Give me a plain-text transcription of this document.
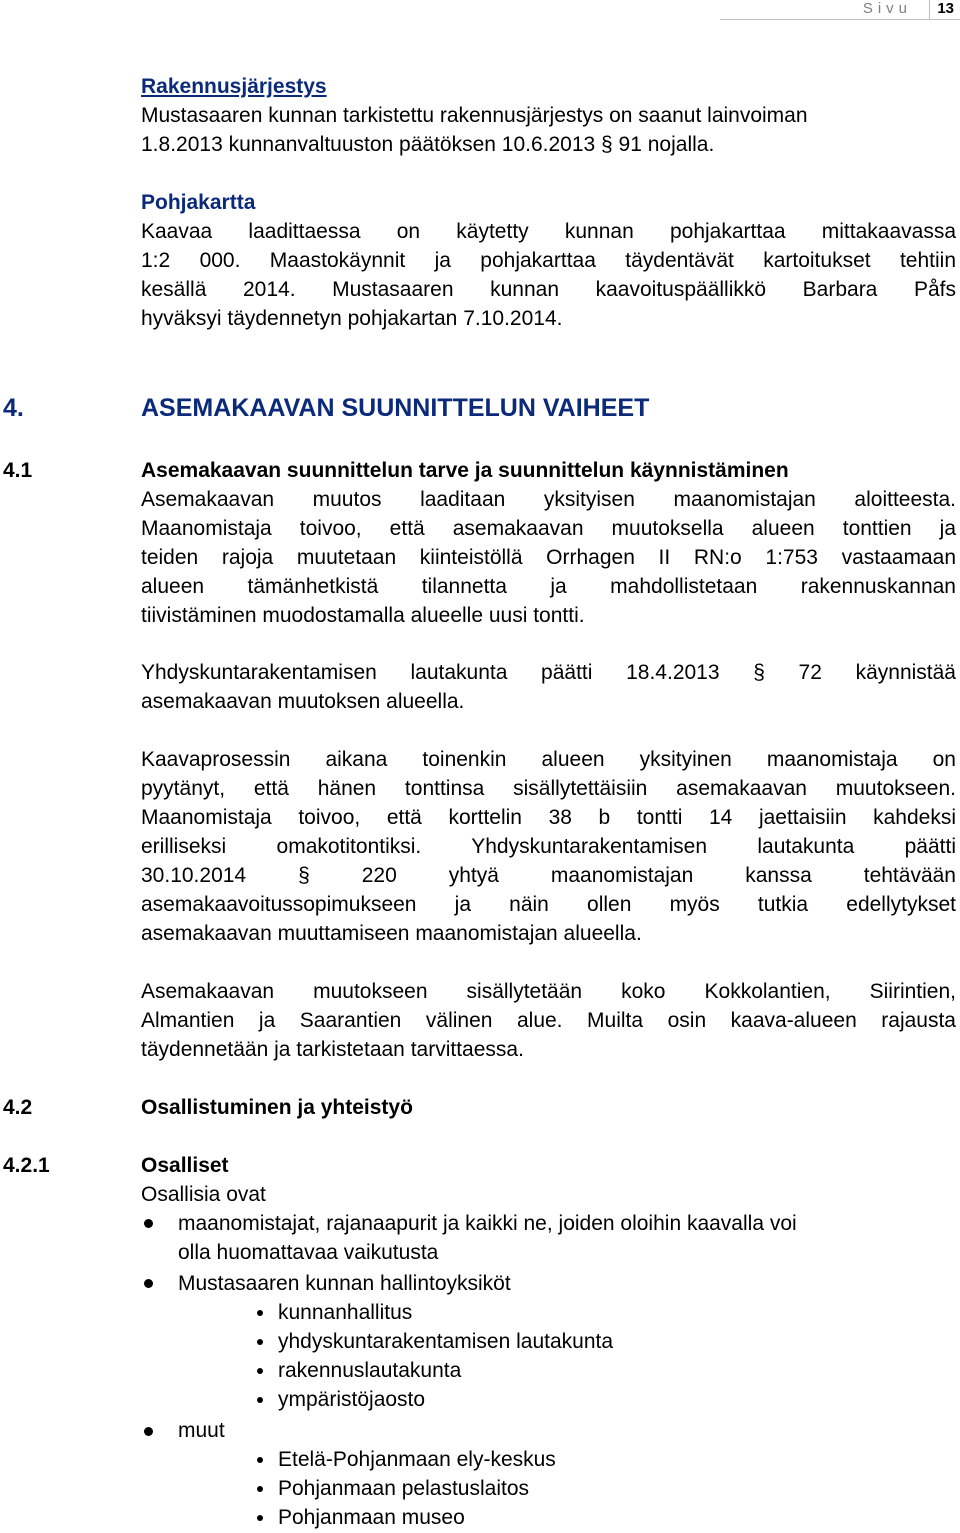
Sivu 13
Rakennusjärjestys
Mustasaaren kunnan tarkistettu rakennusjärjestys on saanut lainvoiman
1.8.2013 kunnanvaltuuston päätöksen 10.6.2013 § 91 nojalla.
Pohjakartta
Kaavaa laadittaessa on käytetty kunnan pohjakarttaa mittakaavassa
1:2 000. Maastokäynnit ja pohjakarttaa täydentävät kartoitukset tehtiin
kesällä 2014. Mustasaaren kunnan kaavoituspäällikkö Barbara Påfs
hyväksyi täydennetyn pohjakartan 7.10.2014.
4.	ASEMAKAAVAN SUUNNITTELUN VAIHEET
4.1	Asemakaavan suunnittelun tarve ja suunnittelun käynnistäminen
Asemakaavan muutos laaditaan yksityisen maanomistajan aloitteesta.
Maanomistaja toivoo, että asemakaavan muutoksella alueen tonttien ja
teiden rajoja muutetaan kiinteistöllä Orrhagen II RN:o 1:753 vastaamaan
alueen tämänhetkistä tilannetta ja mahdollistetaan rakennuskannan
tiivistäminen muodostamalla alueelle uusi tontti.
Yhdyskuntarakentamisen lautakunta päätti 18.4.2013 § 72 käynnistää
asemakaavan muutoksen alueella.
Kaavaprosessin aikana toinenkin alueen yksityinen maanomistaja on
pyytänyt, että hänen tonttinsa sisällytettäisiin asemakaavan muutokseen.
Maanomistaja toivoo, että korttelin 38 b tontti 14 jaettaisiin kahdeksi
erilliseksi omakotitontiksi. Yhdyskuntarakentamisen lautakunta päätti
30.10.2014 § 220 yhtyä maanomistajan kanssa tehtävään
asemakaavoitussopimukseen ja näin ollen myös tutkia edellytykset
asemakaavan muuttamiseen maanomistajan alueella.
Asemakaavan muutokseen sisällytetään koko Kokkolantien, Siirintien,
Almantien ja Saarantien välinen alue. Muilta osin kaava-alueen rajausta
täydennetään ja tarkistetaan tarvittaessa.
4.2	Osallistuminen ja yhteistyö
4.2.1	Osalliset
Osallisia ovat
maanomistajat, rajanaapurit ja kaikki ne, joiden oloihin kaavalla voi
olla huomattavaa vaikutusta
Mustasaaren kunnan hallintoyksiköt
kunnanhallitus
yhdyskuntarakentamisen lautakunta
rakennuslautakunta
ympäristöjaosto
muut
Etelä-Pohjanmaan ely-keskus
Pohjanmaan pelastuslaitos
Pohjanmaan museo
